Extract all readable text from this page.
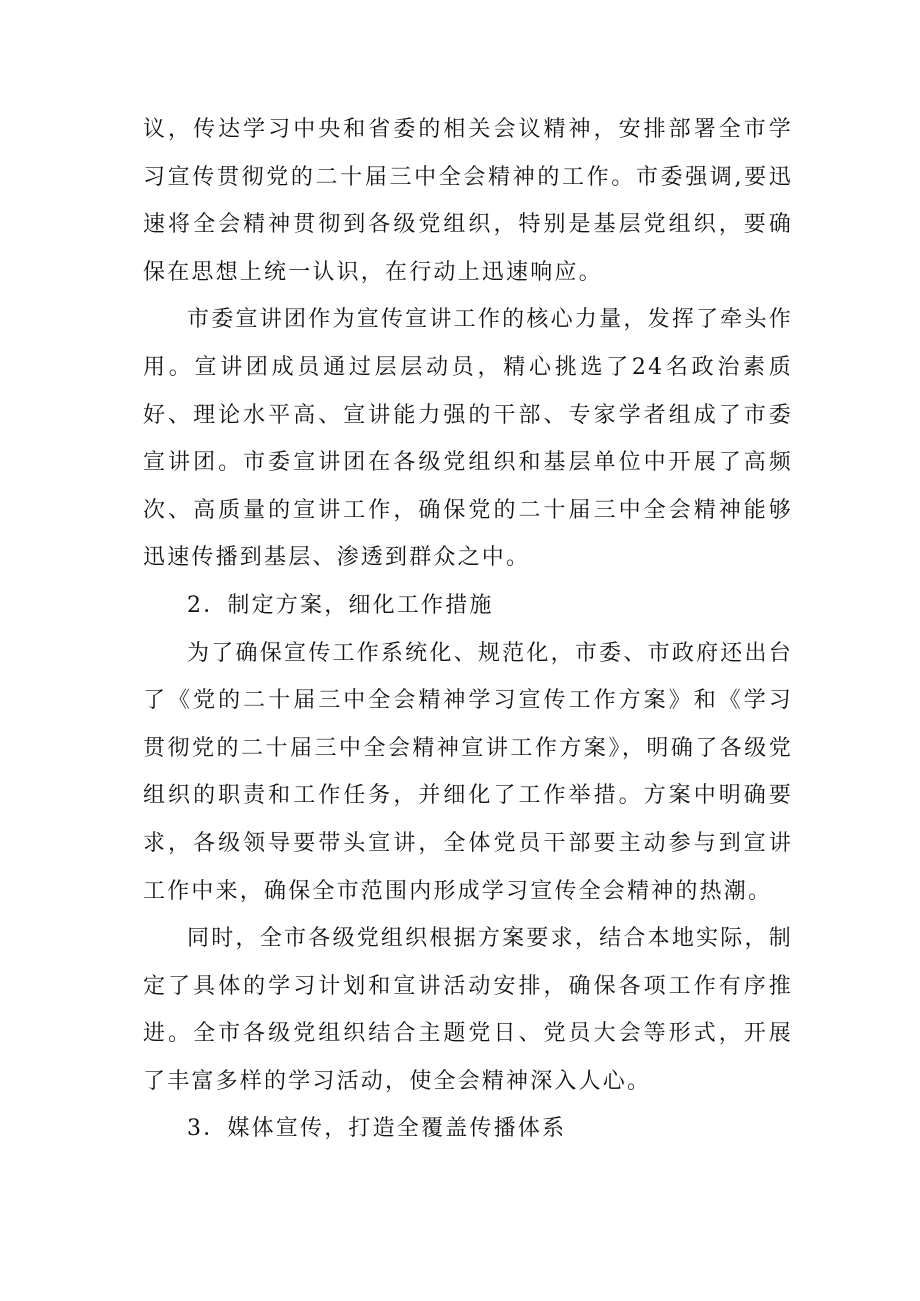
议，传达学习中央和省委的相关会议精神，安排部署全市学习宣传贯彻党的二十届三中全会精神的工作。市委强调,要迅速将全会精神贯彻到各级党组织，特别是基层党组织，要确保在思想上统一认识，在行动上迅速响应。

市委宣讲团作为宣传宣讲工作的核心力量，发挥了牵头作用。宣讲团成员通过层层动员，精心挑选了24名政治素质好、理论水平高、宣讲能力强的干部、专家学者组成了市委宣讲团。市委宣讲团在各级党组织和基层单位中开展了高频次、高质量的宣讲工作，确保党的二十届三中全会精神能够迅速传播到基层、渗透到群众之中。

2．制定方案，细化工作措施

为了确保宣传工作系统化、规范化，市委、市政府还出台了《党的二十届三中全会精神学习宣传工作方案》和《学习贯彻党的二十届三中全会精神宣讲工作方案》，明确了各级党组织的职责和工作任务，并细化了工作举措。方案中明确要求，各级领导要带头宣讲，全体党员干部要主动参与到宣讲工作中来，确保全市范围内形成学习宣传全会精神的热潮。

同时，全市各级党组织根据方案要求，结合本地实际，制定了具体的学习计划和宣讲活动安排，确保各项工作有序推进。全市各级党组织结合主题党日、党员大会等形式，开展了丰富多样的学习活动，使全会精神深入人心。

3．媒体宣传，打造全覆盖传播体系
